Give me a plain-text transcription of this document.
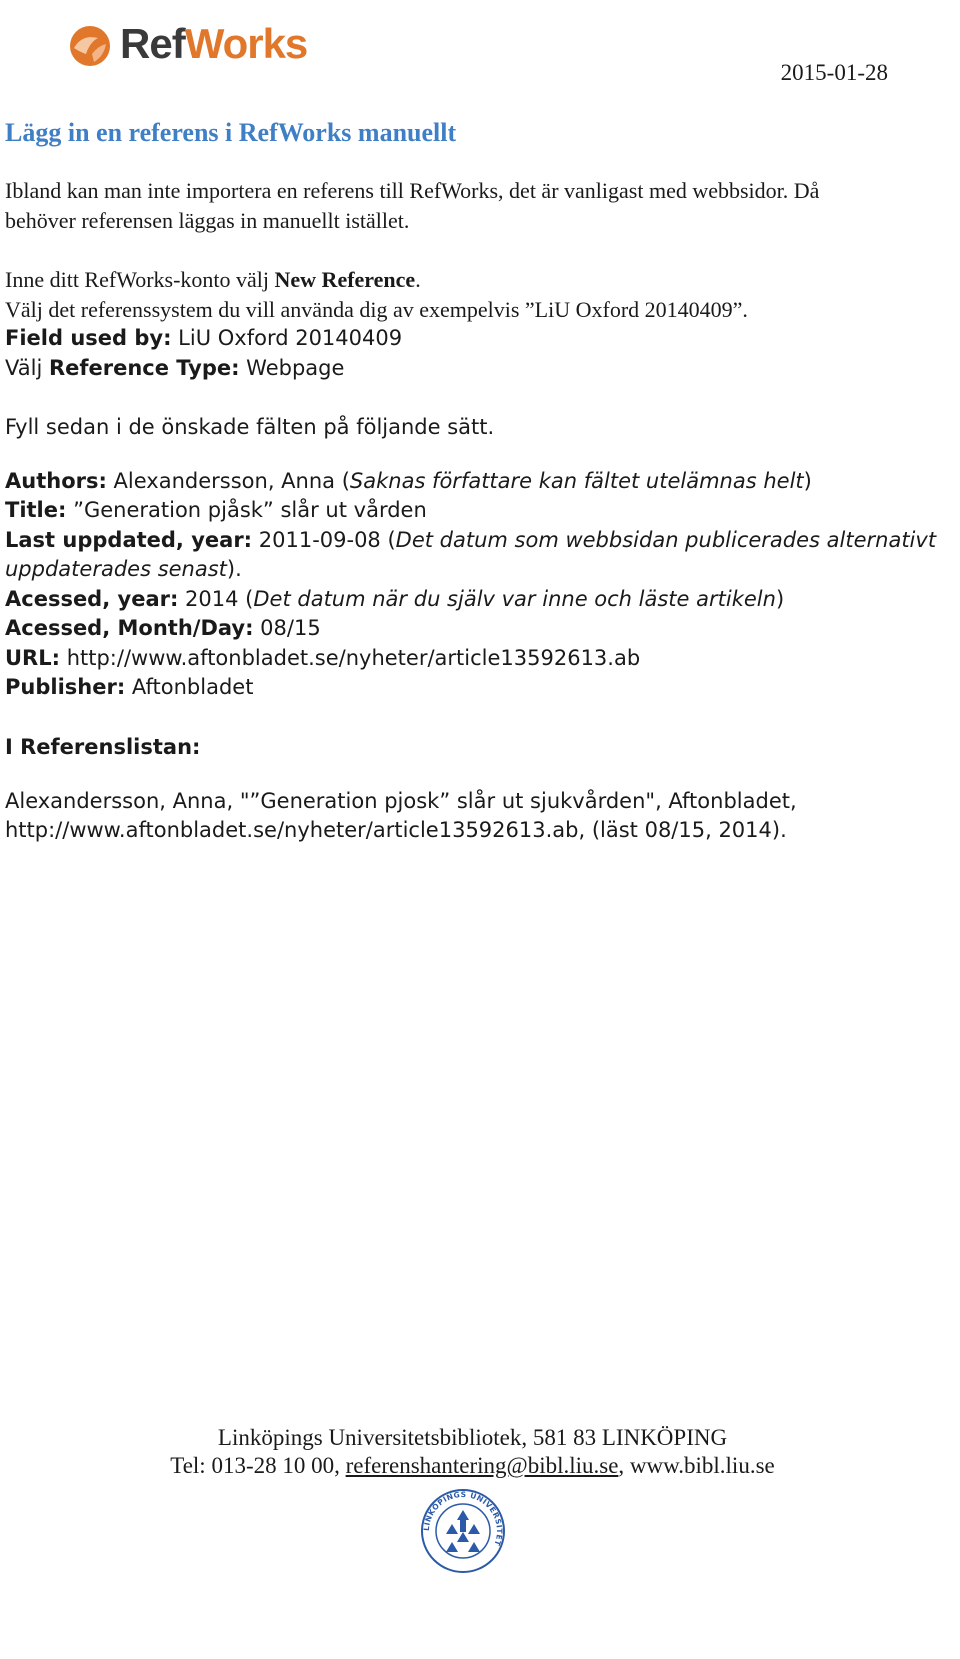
RefWorks
2015-01-28
Lägg in en referens i RefWorks manuellt
Ibland kan man inte importera en referens till RefWorks, det är vanligast med webbsidor. Då
behöver referensen läggas in manuellt istället.
Inne ditt RefWorks-konto välj New Reference.
Välj det referenssystem du vill använda dig av exempelvis ”LiU Oxford 20140409”.
Field used by: LiU Oxford 20140409
Välj Reference Type: Webpage
Fyll sedan i de önskade fälten på följande sätt.
Authors: Alexandersson, Anna (Saknas författare kan fältet utelämnas helt)
Title: ”Generation pjåsk” slår ut vården
Last uppdated, year: 2011-09-08 (Det datum som webbsidan publicerades alternativt
uppdaterades senast).
Acessed, year: 2014 (Det datum när du själv var inne och läste artikeln)
Acessed, Month/Day: 08/15
URL: http://www.aftonbladet.se/nyheter/article13592613.ab
Publisher: Aftonbladet
I Referenslistan:
Alexandersson, Anna, "”Generation pjosk” slår ut sjukvården", Aftonbladet,
http://www.aftonbladet.se/nyheter/article13592613.ab, (läst 08/15, 2014).
Linköpings Universitetsbibliotek, 581 83 LINKÖPING
Tel: 013-28 10 00, referenshantering@bibl.liu.se, www.bibl.liu.se
LINKÖPINGS UNIVERSITET
